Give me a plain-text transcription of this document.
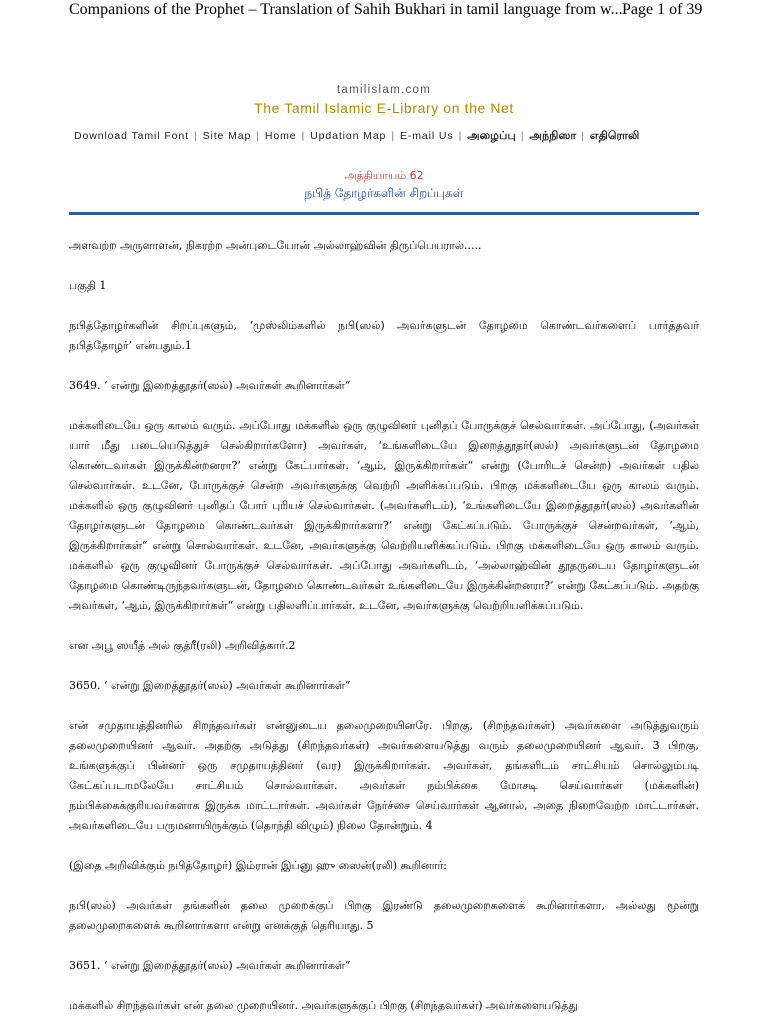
Companions of the Prophet – Translation of Sahih Bukhari in tamil language from w... Page 1 of 39
tamilislam.com
The Tamil Islamic E-Library on the Net
Download Tamil Font | Site Map | Home | Updation Map | E-mail Us | அழைப்பு | அந்நிஸா | எதிரொலி
அத்தியாயம் 62
நபித் தோழர்களின் சிறப்புகள்

அளவற்ற அருளாளன், நிகரற்ற அன்புடையோன் அல்லாஹ்வின் திருப்பெயரால்.....

பகுதி 1

நபித்தோழர்களின் சிறப்புகளும், ‘முஸ்லிம்களில் நபி(ஸல்) அவர்களுடன் தோழமை கொண்டவர்களைப் பார்த்தவர் நபித்தோழர்’ என்பதும்.1

3649. ‘ என்று இறைத்தூதர்(ஸல்) அவர்கள் கூறினார்கள்“

மக்களிடையே ஒரு காலம் வரும். அப்போது மக்களில் ஒரு குழுவினர் புனிதப் போருக்குச் செல்வார்கள். அப்போது, (அவர்கள் யார் மீது படையெடுத்துச் செல்கிறார்களோ) அவர்கள், ‘உங்களிடையே இறைத்தூதர்(ஸல்) அவர்களுடன் தோழமை கொண்டவர்கள் இருக்கின்றனரா?’ என்று கேட்பார்கள். ‘ஆம், இருக்கிறார்கள்“ என்று (போரிடச் சென்ற) அவர்கள் பதில் செல்வார்கள். உடனே, போருக்குச் சென்ற அவர்களுக்கு வெற்றி அளிக்கப்படும். பிறகு மக்களிடையே ஒரு காலம் வரும். மக்களில் ஒரு குழுவினர் புனிதப் போர் புரியச் செல்வார்கள். (அவர்களிடம்), ‘உங்களிடையே இறைத்தூதர்(ஸல்) அவர்களின் தோழர்களுடன் தோழமை கொண்டவர்கள் இருக்கிறார்களா?’ என்று கேட்கப்படும். போருக்குச் சென்றவர்கள், ‘ஆம், இருக்கிறார்கள்“ என்று சொல்வார்கள். உடனே, அவர்களுக்கு வெற்றியளிக்கப்படும். பிறகு மக்களிடையே ஒரு காலம் வரும். மக்களில் ஒரு குழுவினர் போருக்குச் செல்வார்கள். அப்போது அவர்களிடம், ‘அல்லாஹ்வின் தூதருடைய தோழர்களுடன் தோழமை கொண்டிருந்தவர்களுடன், தோழமை கொண்டவர்கள் உங்களிடையே இருக்கின்றனரா?’ என்று கேட்கப்படும். அதற்கு அவர்கள், ‘ஆம், இருக்கிறார்கள்“ என்று பதிலளிப்பார்கள். உடனே, அவர்களுக்கு வெற்றியளிக்கப்படும்.

என அபூ ஸயீத் அல் குத்ரீ(ரலி) அறிவித்கார்.2

3650. ‘ என்று இறைத்தூதர்(ஸல்) அவர்கள் கூறினார்கள்“

என் சமுதாயத்தினரில் சிறந்தவர்கள் என்னுடைய தலைமுறையினரே. பிறகு, (சிறந்தவர்கள்) அவர்களை அடுத்துவரும் தலைமுறையினர் ஆவர். அதற்கு அடுத்து (சிறந்தவர்கள்) அவர்களையடுத்து வரும் தலைமுறையினர் ஆவர். 3 பிறகு, உங்களுக்குப் பின்னர் ஒரு சமுதாயத்தினர் (வர) இருக்கிறார்கள். அவர்கள், தங்களிடம் சாட்சியம் சொல்லும்படி கேட்கப்படாமலேயே சாட்சியம் சொல்வார்கள். அவர்கள் நம்பிக்கை மோசடி செய்வார்கள் (மக்களின்) நம்பிக்கைக்குரியவர்களாக இருக்க மாட்டார்கள். அவர்கள் நேர்ச்சை செய்வார்கள் ஆனால், அதை நிறைவேற்ற மாட்டார்கள். அவர்களிடையே பருமனாயிருக்கும் (தொந்தி விழும்) நிலை தோன்றும். 4

(இதை அறிவிக்கும் நபித்தோழர்) இம்ரான் இப்னு ஹு ஸைன்(ரலி) கூறினார்:

நபி(ஸல்) அவர்கள் தங்களின் தலை முறைக்குப் பிறகு இரண்டு தலைமுறைகளைக் கூறினார்களா, அல்லது மூன்று தலைமுறைகளைக் கூறினார்களா என்று எனக்குத் தெரியாது. 5

3651. ‘ என்று இறைத்தூதர்(ஸல்) அவர்கள் கூறினார்கள்“

மக்களில் சிறந்தவர்கள் என் தலை முறையினர். அவர்களுக்குப் பிறகு (சிறந்தவர்கள்) அவர்களையடுத்து
